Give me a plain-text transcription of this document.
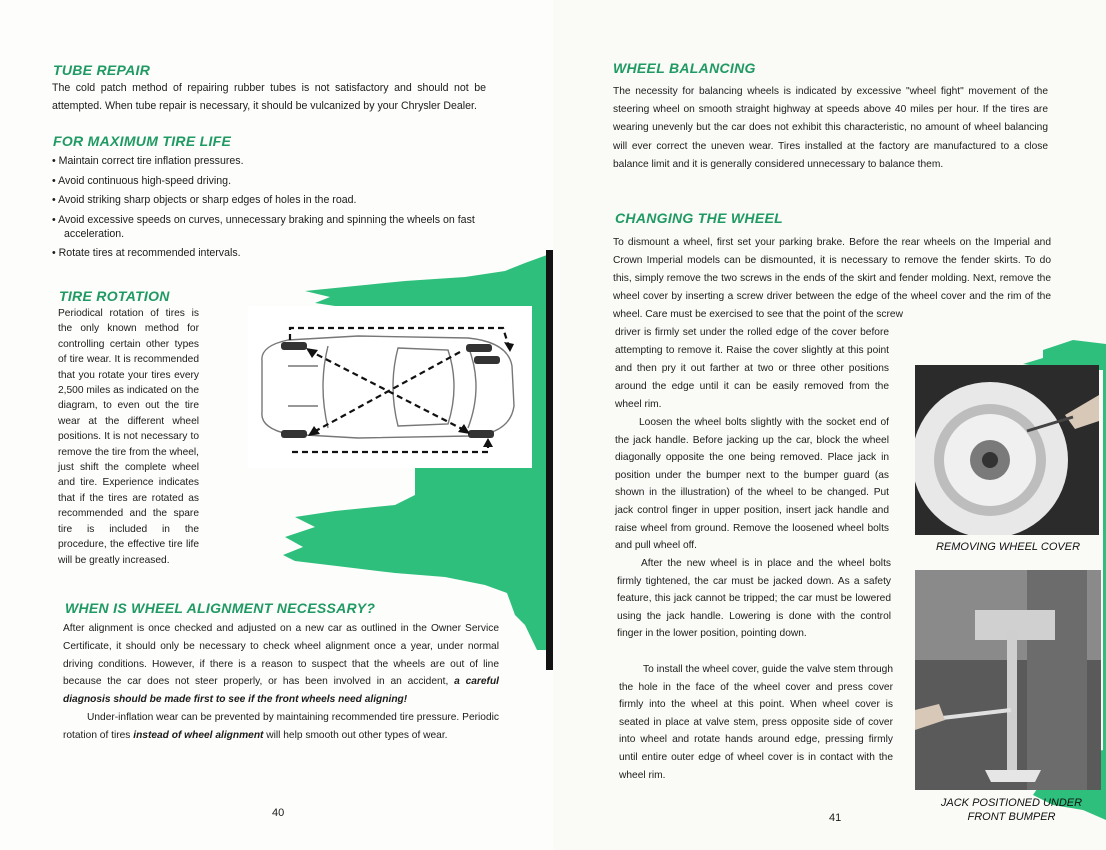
TUBE REPAIR

The cold patch method of repairing rubber tubes is not satisfactory and should not be attempted. When tube repair is necessary, it should be vulcanized by your Chrysler Dealer.

FOR MAXIMUM TIRE LIFE
• Maintain correct tire inflation pressures.
• Avoid continuous high-speed driving.
• Avoid striking sharp objects or sharp edges of holes in the road.
• Avoid excessive speeds on curves, unnecessary braking and spinning the wheels on fast acceleration.
• Rotate tires at recommended intervals.
TIRE ROTATION

Periodical rotation of tires is the only known method for controlling certain other types of tire wear. It is recommended that you rotate your tires every 2,500 miles as indicated on the diagram, to even out the tire wear at the different wheel positions. It is not necessary to remove the tire from the wheel, just shift the complete wheel and tire. Experience indicates that if the tires are rotated as recommended and the spare tire is included in the procedure, the effective tire life will be greatly increased.

WHEN IS WHEEL ALIGNMENT NECESSARY?
After alignment is once checked and adjusted on a new car as outlined in the Owner Service Certificate, it should only be necessary to check wheel alignment once a year, under normal driving conditions. However, if there is a reason to suspect that the wheels are out of line because the car does not steer properly, or has been involved in an accident, a careful diagnosis should be made first to see if the front wheels need aligning!
Under-inflation wear can be prevented by maintaining recommended tire pressure. Periodic rotation of tires instead of wheel alignment will help smooth out other types of wear.
40
WHEEL BALANCING

The necessity for balancing wheels is indicated by excessive "wheel fight" movement of the steering wheel on smooth straight highway at speeds above 40 miles per hour. If the tires are wearing unevenly but the car does not exhibit this characteristic, no amount of wheel balancing will ever correct the uneven wear. Tires installed at the factory are manufactured to a close balance limit and it is generally considered unnecessary to balance them.

CHANGING THE WHEEL

To dismount a wheel, first set your parking brake. Before the rear wheels on the Imperial and Crown Imperial models can be dismounted, it is necessary to remove the fender skirts. To do this, simply remove the two screws in the ends of the skirt and fender molding. Next, remove the wheel cover by inserting a screw driver between the edge of the wheel cover and the rim of the wheel. Care must be exercised to see that the point of the screw

driver is firmly set under the rolled edge of the cover before attempting to remove it. Raise the cover slightly at this point and then pry it out farther at two or three other positions around the edge until it can be easily removed from the wheel rim.

Loosen the wheel bolts slightly with the socket end of the jack handle. Before jacking up the car, block the wheel diagonally opposite the one being removed. Place jack in position under the bumper next to the bumper guard (as shown in the illustration) of the wheel to be changed. Put jack control finger in upper position, insert jack handle and raise wheel from ground. Remove the loosened wheel bolts and pull wheel off.

After the new wheel is in place and the wheel bolts firmly tightened, the car must be jacked down. As a safety feature, this jack cannot be tripped; the car must be lowered using the jack handle. Lowering is done with the control finger in the lower position, pointing down.

To install the wheel cover, guide the valve stem through the hole in the face of the wheel cover and press cover firmly into the wheel at this point. When wheel cover is seated in place at valve stem, press opposite side of cover into wheel and rotate hands around edge, pressing firmly until entire outer edge of wheel cover is in contact with the wheel rim.

REMOVING WHEEL COVER
JACK POSITIONED UNDER
FRONT BUMPER
41
